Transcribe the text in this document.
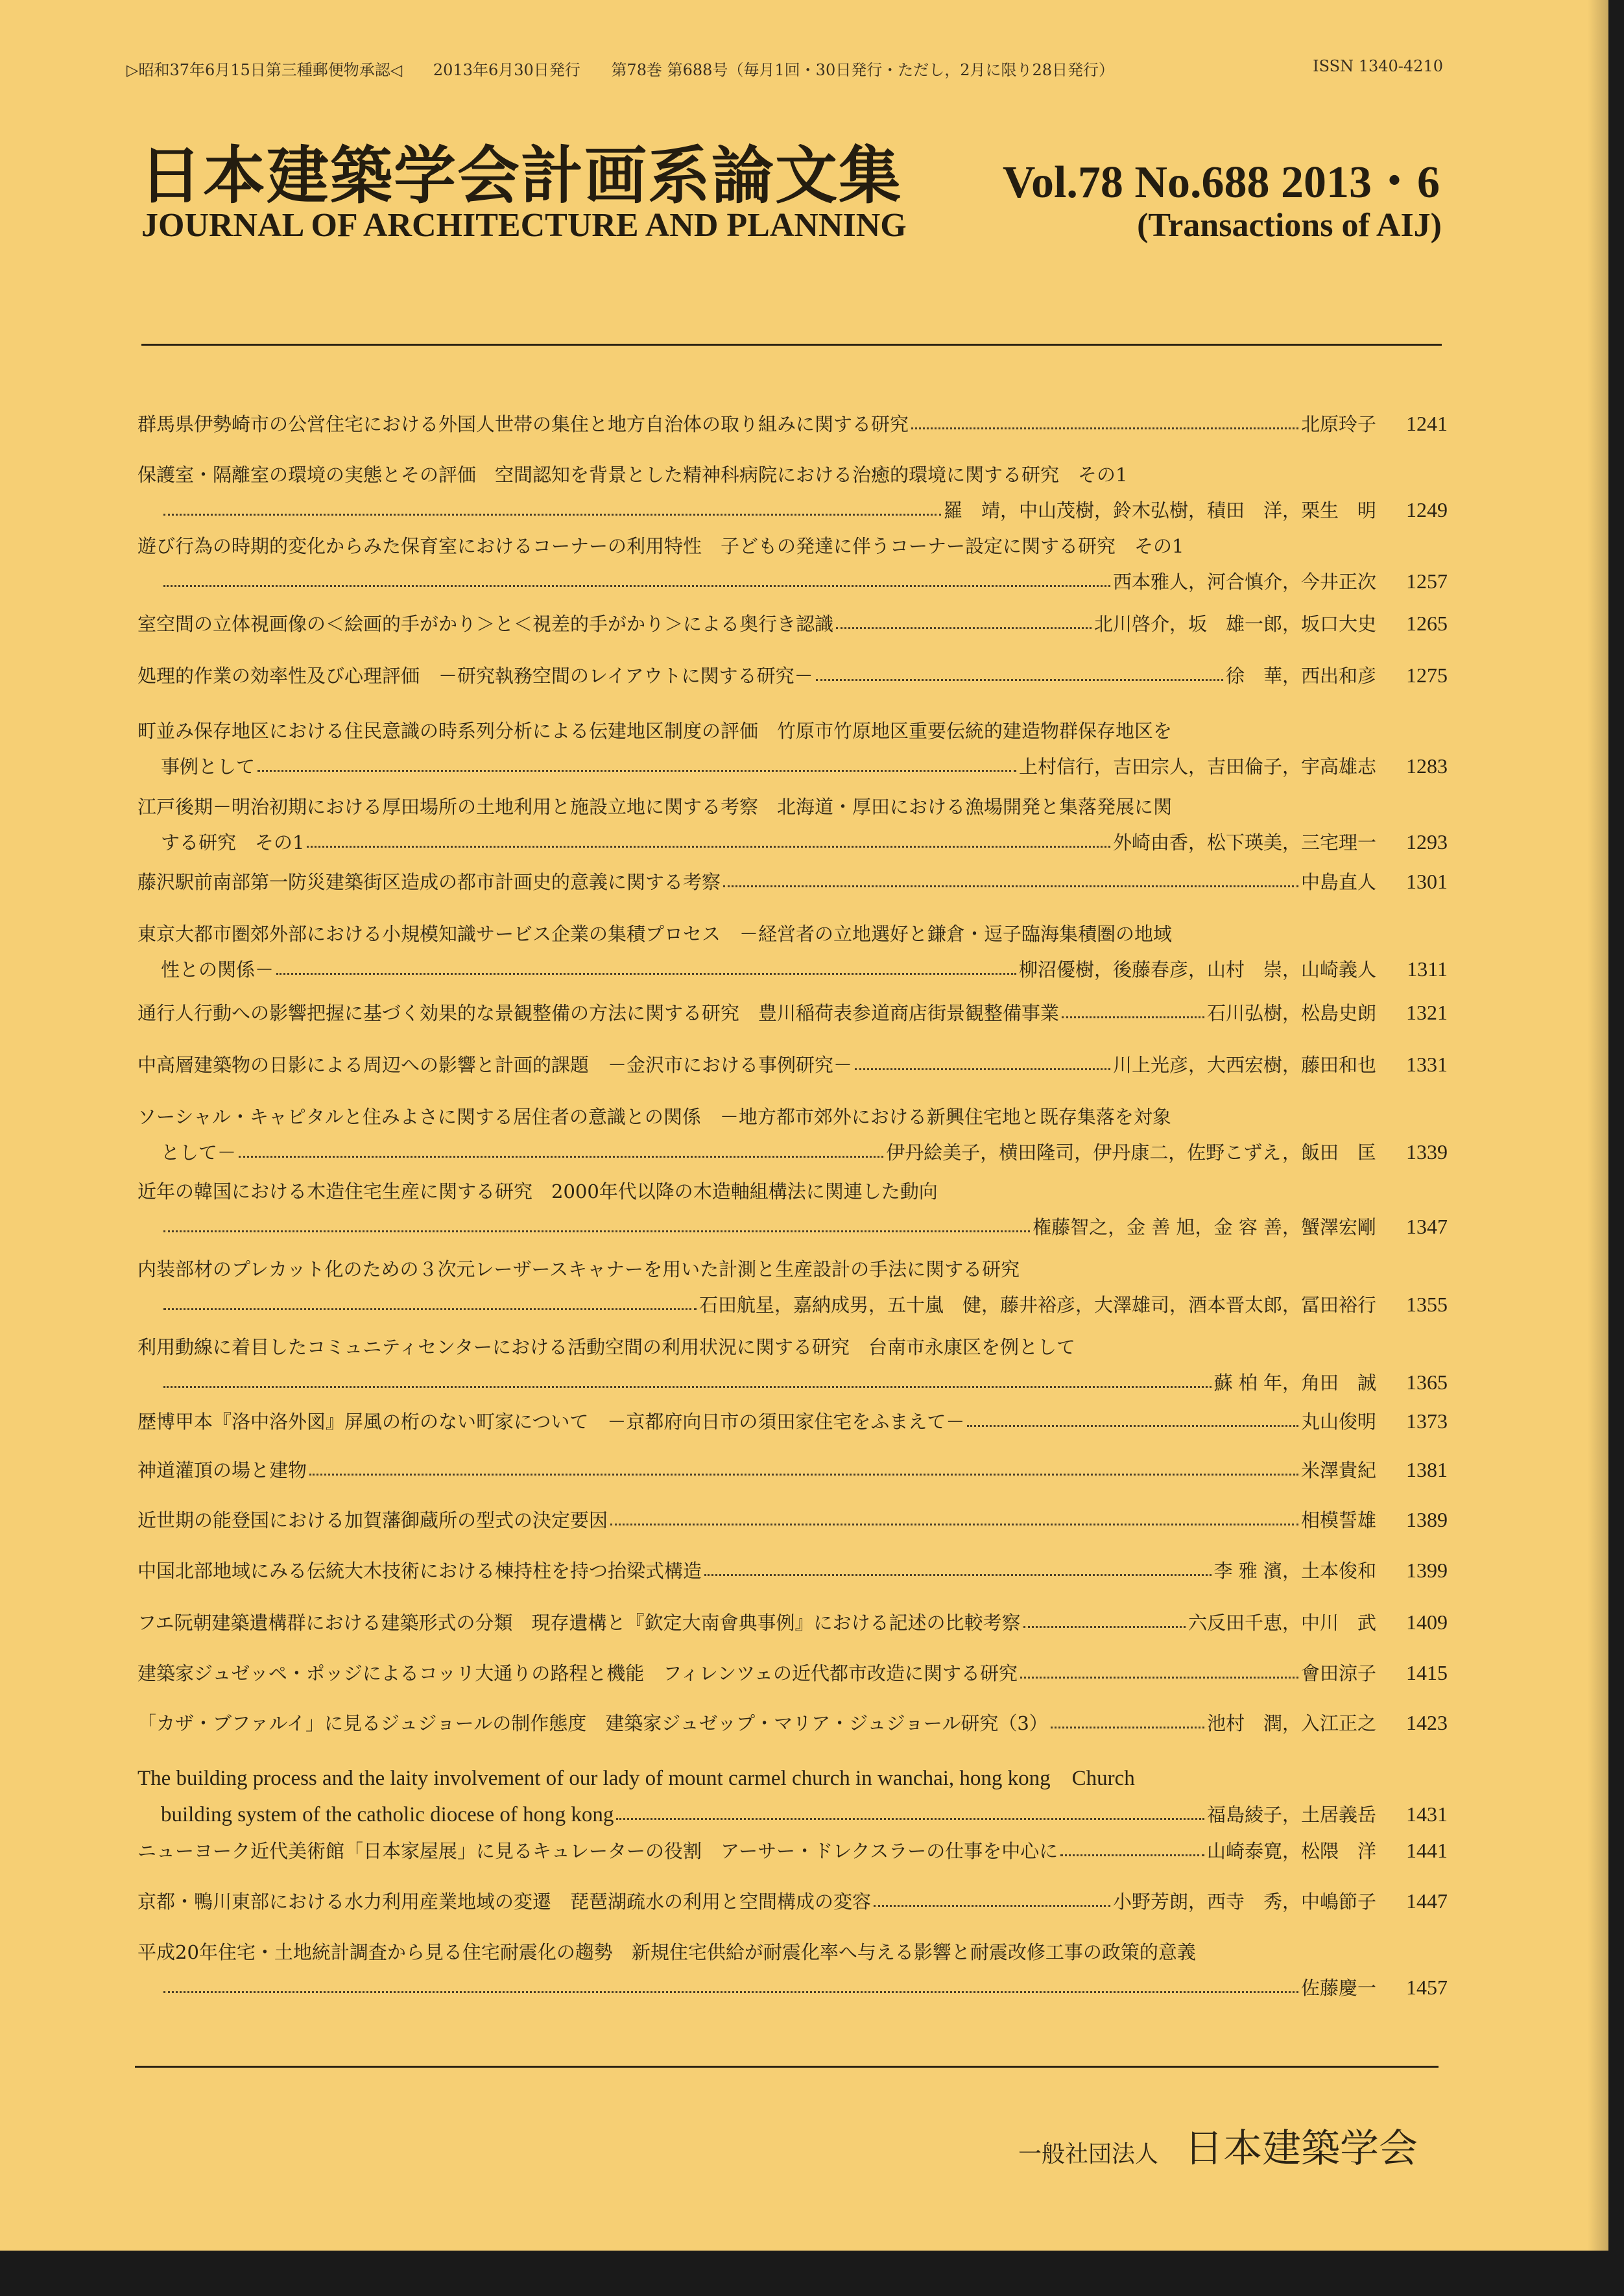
▷昭和37年6月15日第三種郵便物承認◁ 2013年6月30日発行 第78巻 第688号（毎月1回・30日発行・ただし，2月に限り28日発行）	ISSN 1340-4210
日本建築学会計画系論文集 Vol.78 No.688 2013・6
JOURNAL OF ARCHITECTURE AND PLANNING	(Transactions of AIJ)
群馬県伊勢崎市の公営住宅における外国人世帯の集住と地方自治体の取り組みに関する研究	北原玲子	1241
保護室・隔離室の環境の実態とその評価　空間認知を背景とした精神科病院における治癒的環境に関する研究　その1
羅　靖，中山茂樹，鈴木弘樹，積田　洋，栗生　明	1249
遊び行為の時期的変化からみた保育室におけるコーナーの利用特性　子どもの発達に伴うコーナー設定に関する研究　その1
西本雅人，河合慎介，今井正次	1257
室空間の立体視画像の＜絵画的手がかり＞と＜視差的手がかり＞による奥行き認識	北川啓介，坂　雄一郎，坂口大史	1265
処理的作業の効率性及び心理評価　－研究執務空間のレイアウトに関する研究－	徐　華，西出和彦	1275
町並み保存地区における住民意識の時系列分析による伝建地区制度の評価　竹原市竹原地区重要伝統的建造物群保存地区を
事例として	上村信行，吉田宗人，吉田倫子，宇高雄志	1283
江戸後期－明治初期における厚田場所の土地利用と施設立地に関する考察　北海道・厚田における漁場開発と集落発展に関
する研究　その1	外崎由香，松下瑛美，三宅理一	1293
藤沢駅前南部第一防災建築街区造成の都市計画史的意義に関する考察	中島直人	1301
東京大都市圏郊外部における小規模知識サービス企業の集積プロセス　－経営者の立地選好と鎌倉・逗子臨海集積圏の地域
性との関係－	柳沼優樹，後藤春彦，山村　崇，山崎義人	1311
通行人行動への影響把握に基づく効果的な景観整備の方法に関する研究　豊川稲荷表参道商店街景観整備事業	石川弘樹，松島史朗	1321
中高層建築物の日影による周辺への影響と計画的課題　－金沢市における事例研究－	川上光彦，大西宏樹，藤田和也	1331
ソーシャル・キャピタルと住みよさに関する居住者の意識との関係　－地方都市郊外における新興住宅地と既存集落を対象
として－	伊丹絵美子，横田隆司，伊丹康二，佐野こずえ，飯田　匡	1339
近年の韓国における木造住宅生産に関する研究　2000年代以降の木造軸組構法に関連した動向
権藤智之，金 善 旭，金 容 善，蟹澤宏剛	1347
内装部材のプレカット化のための３次元レーザースキャナーを用いた計測と生産設計の手法に関する研究
石田航星，嘉納成男，五十嵐　健，藤井裕彦，大澤雄司，酒本晋太郎，冨田裕行	1355
利用動線に着目したコミュニティセンターにおける活動空間の利用状況に関する研究　台南市永康区を例として
蘇 柏 年，角田　誠	1365
歴博甲本『洛中洛外図』屏風の桁のない町家について　－京都府向日市の須田家住宅をふまえて－	丸山俊明	1373
神道灌頂の場と建物	米澤貴紀	1381
近世期の能登国における加賀藩御蔵所の型式の決定要因	相模誓雄	1389
中国北部地域にみる伝統大木技術における棟持柱を持つ抬梁式構造	李 雅 濱，土本俊和	1399
フエ阮朝建築遺構群における建築形式の分類　現存遺構と『欽定大南會典事例』における記述の比較考察	六反田千恵，中川　武	1409
建築家ジュゼッペ・ポッジによるコッリ大通りの路程と機能　フィレンツェの近代都市改造に関する研究	會田涼子	1415
「カザ・ブファルイ」に見るジュジョールの制作態度　建築家ジュゼップ・マリア・ジュジョール研究（3）	池村　潤，入江正之	1423
The building process and the laity involvement of our lady of mount carmel church in wanchai, hong kong　Church
building system of the catholic diocese of hong kong	福島綾子，土居義岳	1431
ニューヨーク近代美術館「日本家屋展」に見るキュレーターの役割　アーサー・ドレクスラーの仕事を中心に	山崎泰寛，松隈　洋	1441
京都・鴨川東部における水力利用産業地域の変遷　琵琶湖疏水の利用と空間構成の変容	小野芳朗，西寺　秀，中嶋節子	1447
平成20年住宅・土地統計調査から見る住宅耐震化の趨勢　新規住宅供給が耐震化率へ与える影響と耐震改修工事の政策的意義
佐藤慶一	1457
一般社団法人 日本建築学会
